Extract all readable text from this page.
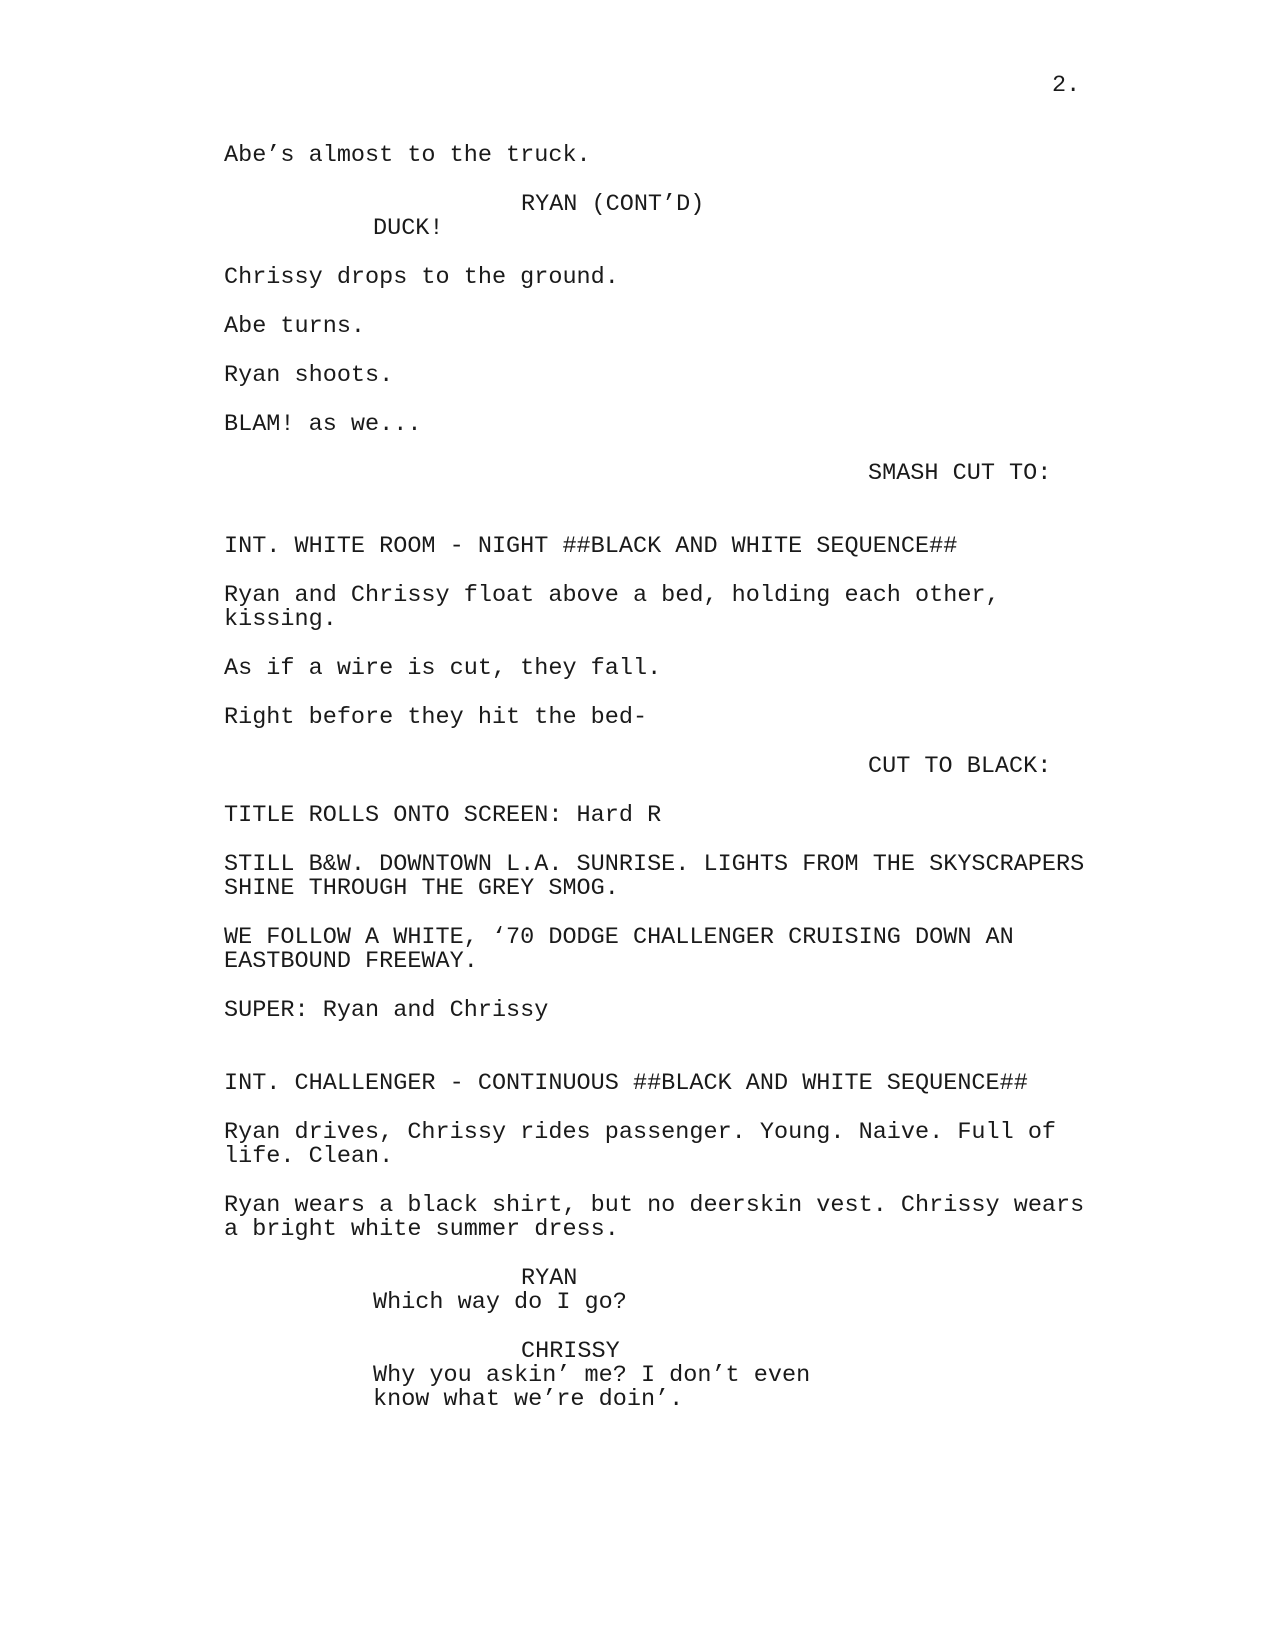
2.

Abe’s almost to the truck.

RYAN (CONT’D)

DUCK!

Chrissy drops to the ground.

Abe turns.

Ryan shoots.

BLAM! as we...

SMASH CUT TO:

INT. WHITE ROOM - NIGHT ##BLACK AND WHITE SEQUENCE##

Ryan and Chrissy float above a bed, holding each other,

kissing.

As if a wire is cut, they fall.

Right before they hit the bed-

CUT TO BLACK:

TITLE ROLLS ONTO SCREEN: Hard R

STILL B&W. DOWNTOWN L.A. SUNRISE. LIGHTS FROM THE SKYSCRAPERS

SHINE THROUGH THE GREY SMOG.

WE FOLLOW A WHITE, ‘70 DODGE CHALLENGER CRUISING DOWN AN

EASTBOUND FREEWAY.

SUPER: Ryan and Chrissy

INT. CHALLENGER - CONTINUOUS ##BLACK AND WHITE SEQUENCE##

Ryan drives, Chrissy rides passenger. Young. Naive. Full of

life. Clean.

Ryan wears a black shirt, but no deerskin vest. Chrissy wears

a bright white summer dress.

RYAN

Which way do I go?

CHRISSY

Why you askin’ me? I don’t even

know what we’re doin’.
